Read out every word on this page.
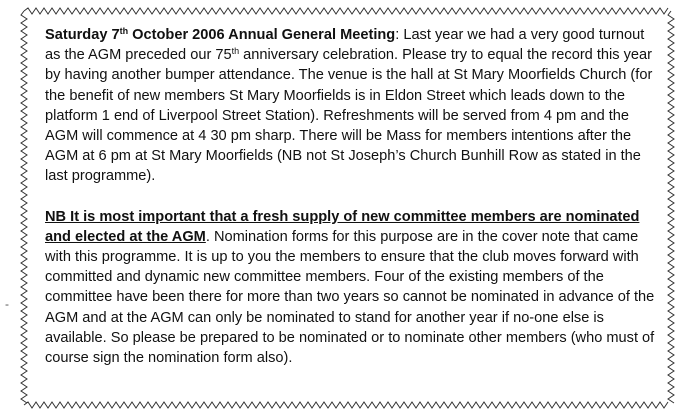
Saturday 7th October 2006 Annual General Meeting: Last year we had a very good turnout as the AGM preceded our 75th anniversary celebration. Please try to equal the record this year by having another bumper attendance. The venue is the hall at St Mary Moorfields Church (for the benefit of new members St Mary Moorfields is in Eldon Street which leads down to the platform 1 end of Liverpool Street Station). Refreshments will be served from 4 pm and the AGM will commence at 4 30 pm sharp. There will be Mass for members intentions after the AGM at 6 pm at St Mary Moorfields (NB not St Joseph’s Church Bunhill Row as stated in the last programme).

NB It is most important that a fresh supply of new committee members are nominated and elected at the AGM. Nomination forms for this purpose are in the cover note that came with this programme. It is up to you the members to ensure that the club moves forward with committed and dynamic new committee members. Four of the existing members of the committee have been there for more than two years so cannot be nominated in advance of the AGM and at the AGM can only be nominated to stand for another year if no-one else is available. So please be prepared to be nominated or to nominate other members (who must of course sign the nomination form also).

-
